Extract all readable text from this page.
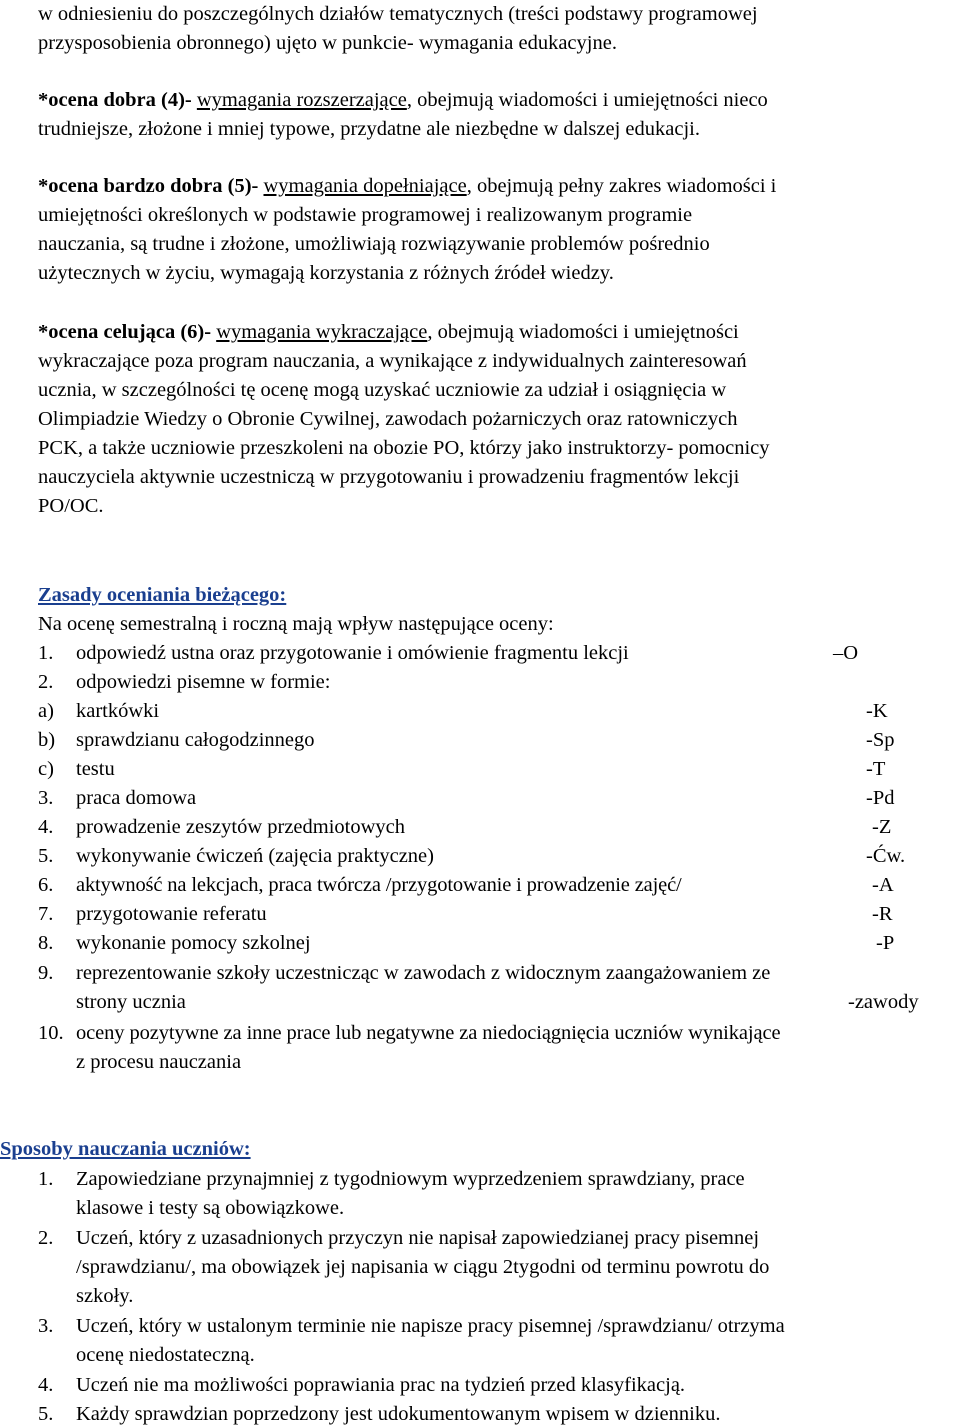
w odniesieniu do poszczególnych działów tematycznych (treści podstawy programowej
przysposobienia obronnego) ujęto w punkcie- wymagania edukacyjne.
*ocena dobra (4)- wymagania rozszerzające, obejmują wiadomości i umiejętności nieco
trudniejsze, złożone i mniej typowe, przydatne ale niezbędne w dalszej edukacji.
*ocena bardzo dobra (5)- wymagania dopełniające, obejmują pełny zakres wiadomości i
umiejętności określonych w podstawie programowej i realizowanym programie
nauczania, są trudne i złożone, umożliwiają rozwiązywanie problemów pośrednio
użytecznych w życiu, wymagają korzystania z różnych źródeł wiedzy.
*ocena celująca (6)- wymagania wykraczające, obejmują wiadomości i umiejętności
wykraczające poza program nauczania, a wynikające z indywidualnych zainteresowań
ucznia, w szczególności tę ocenę mogą uzyskać uczniowie za udział i osiągnięcia w
Olimpiadzie Wiedzy o Obronie Cywilnej, zawodach pożarniczych oraz ratowniczych
PCK, a także uczniowie przeszkoleni na obozie PO, którzy jako instruktorzy- pomocnicy
nauczyciela aktywnie uczestniczą w przygotowaniu i prowadzeniu fragmentów lekcji
PO/OC.
Zasady oceniania bieżącego:
Na ocenę semestralną i roczną mają wpływ następujące oceny:
1. odpowiedź ustna oraz przygotowanie i omówienie fragmentu lekcji	–O
2. odpowiedzi pisemne w formie:
a) kartkówki	-K
b) sprawdzianu całogodzinnego	-Sp
c) testu	-T
3. praca domowa	-Pd
4. prowadzenie zeszytów przedmiotowych	-Z
5. wykonywanie ćwiczeń (zajęcia praktyczne)	-Ćw.
6. aktywność na lekcjach, praca twórcza /przygotowanie i prowadzenie zajęć/	-A
7. przygotowanie referatu	-R
8. wykonanie pomocy szkolnej	-P
9. reprezentowanie szkoły uczestnicząc w zawodach z widocznym zaangażowaniem ze
strony ucznia	-zawody
10. oceny pozytywne za inne prace lub negatywne za niedociągnięcia uczniów wynikające
z procesu nauczania
Sposoby nauczania uczniów:
1. Zapowiedziane przynajmniej z tygodniowym wyprzedzeniem sprawdziany, prace
klasowe i testy są obowiązkowe.
2. Uczeń, który z uzasadnionych przyczyn nie napisał zapowiedzianej pracy pisemnej
/sprawdzianu/, ma obowiązek jej napisania w ciągu 2tygodni od terminu powrotu do
szkoły.
3. Uczeń, który w ustalonym terminie nie napisze pracy pisemnej /sprawdzianu/ otrzyma
ocenę niedostateczną.
4. Uczeń nie ma możliwości poprawiania prac na tydzień przed klasyfikacją.
5. Każdy sprawdzian poprzedzony jest udokumentowanym wpisem w dzienniku.
